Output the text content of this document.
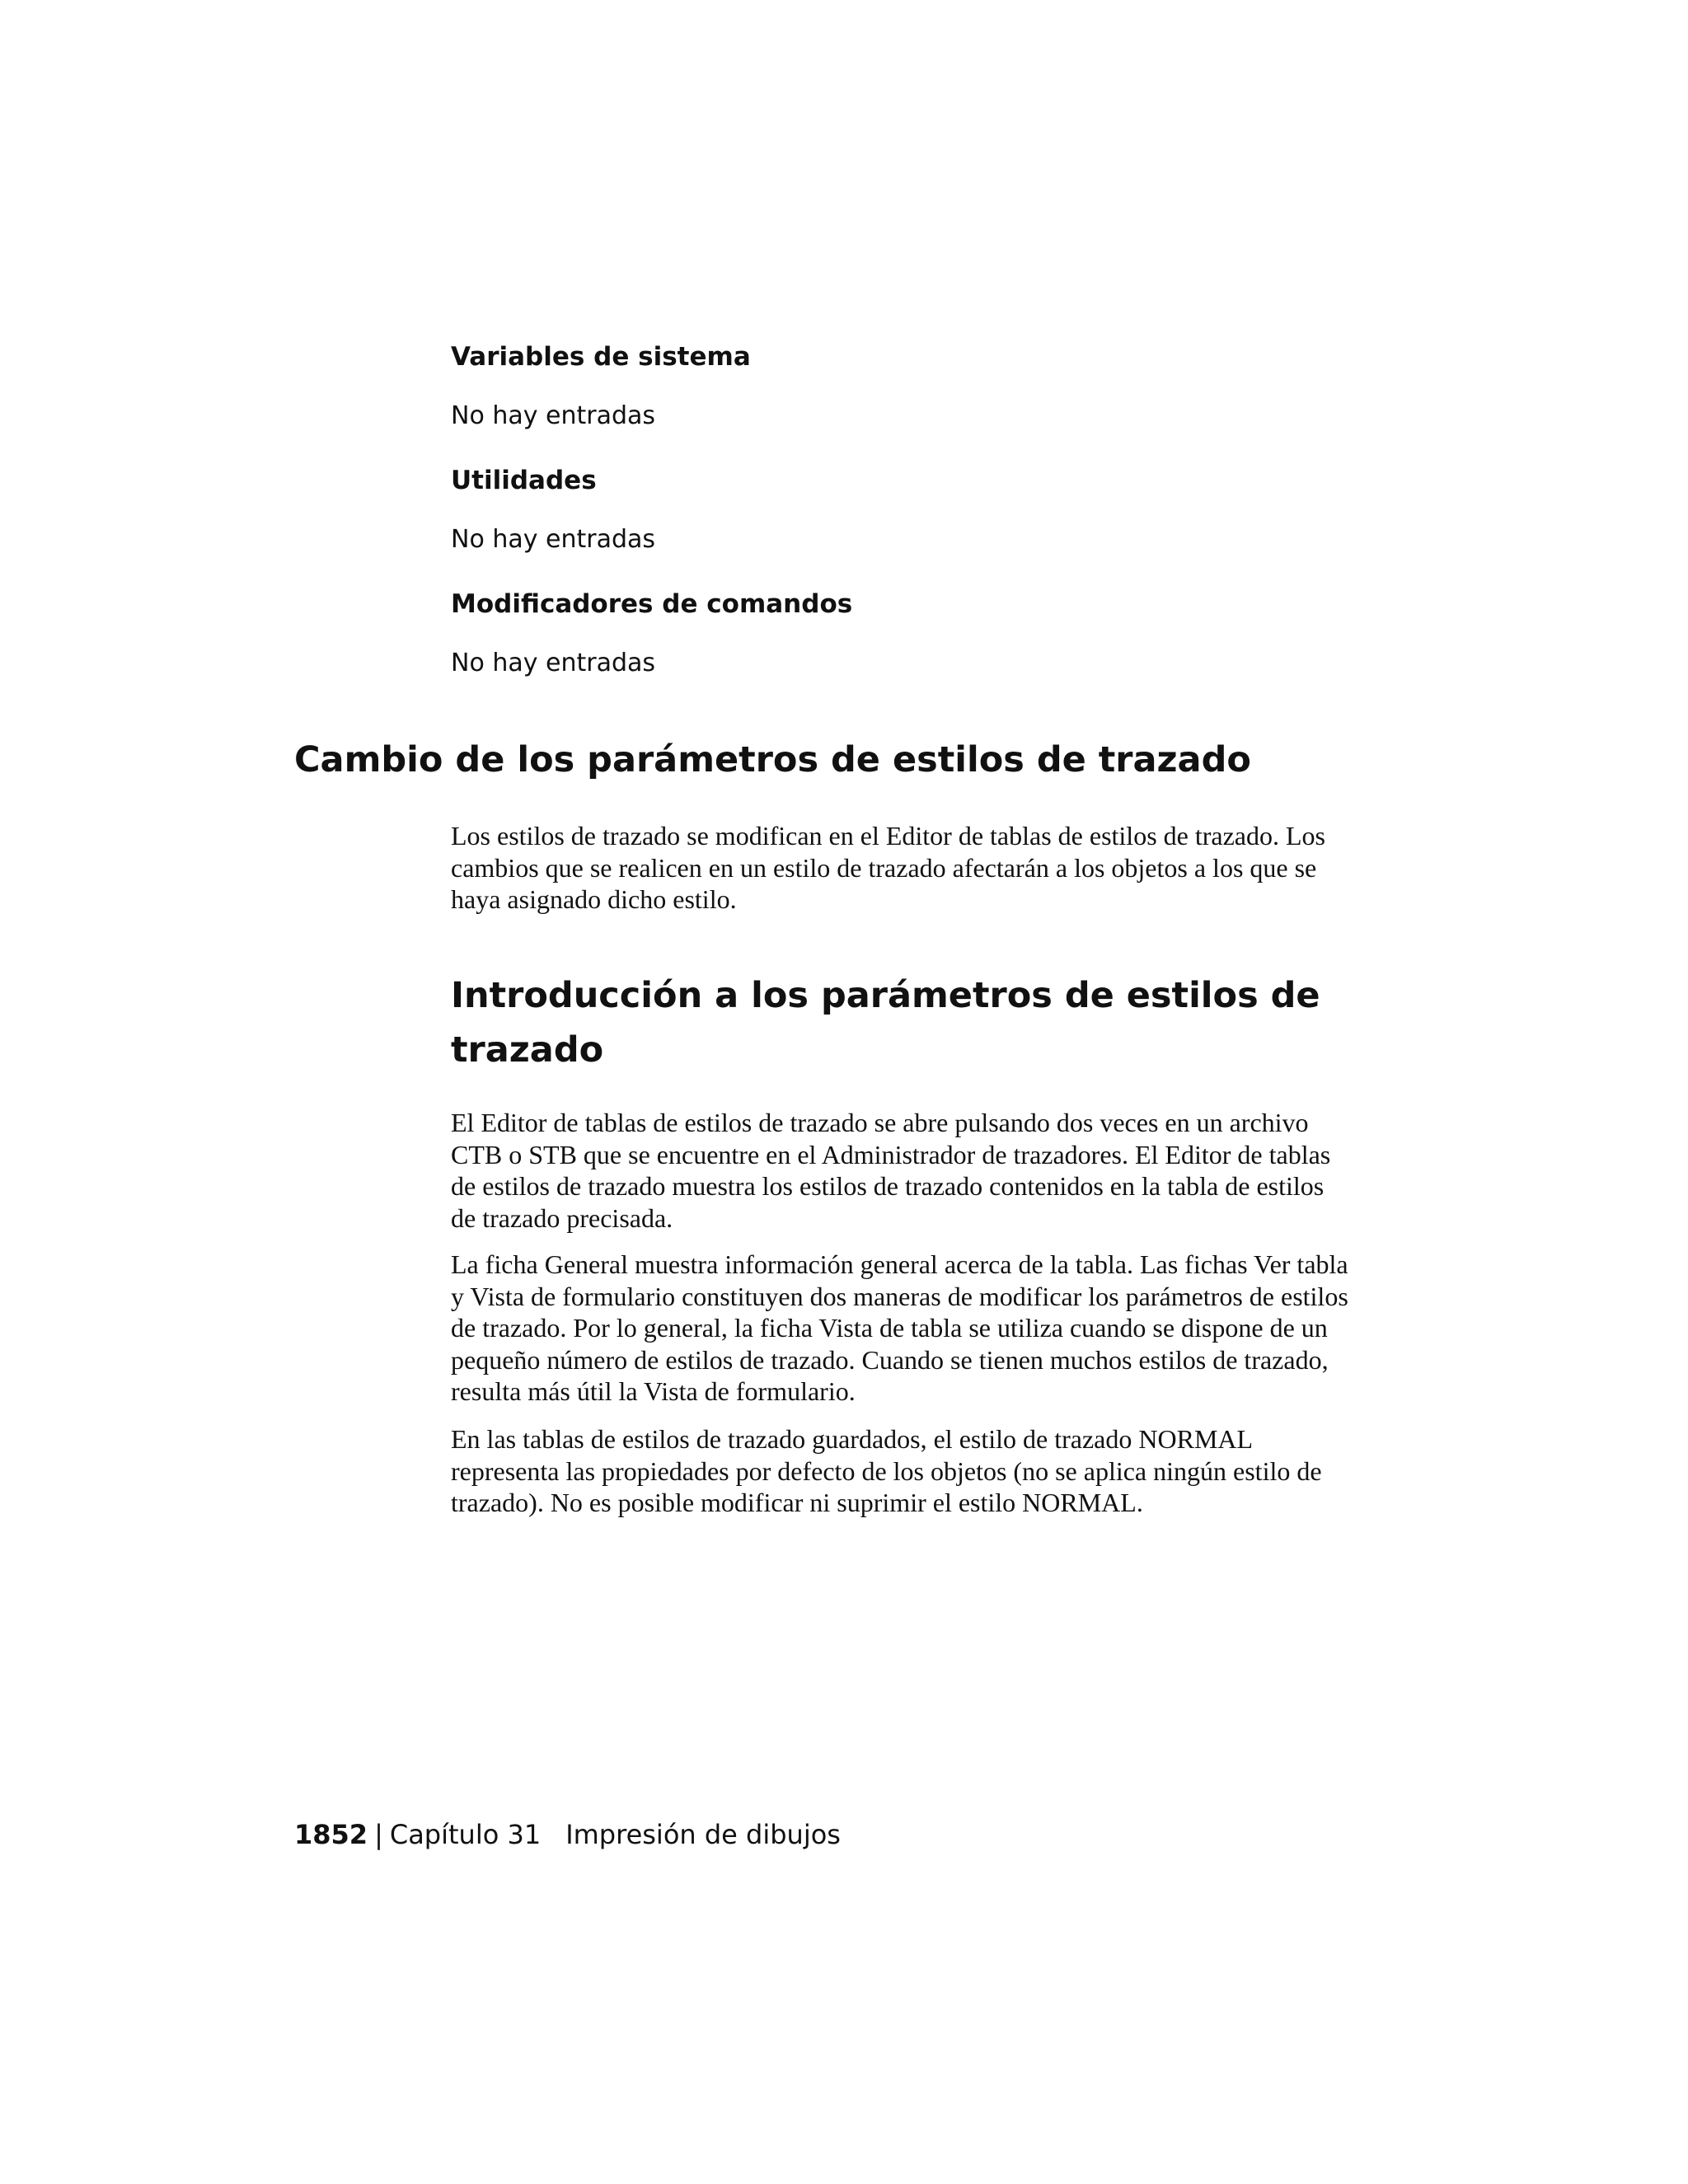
Variables de sistema

No hay entradas

Utilidades

No hay entradas

Modificadores de comandos

No hay entradas

Cambio de los parámetros de estilos de trazado

Los estilos de trazado se modifican en el Editor de tablas de estilos de trazado. Los cambios que se realicen en un estilo de trazado afectarán a los objetos a los que se haya asignado dicho estilo.

Introducción a los parámetros de estilos de trazado

El Editor de tablas de estilos de trazado se abre pulsando dos veces en un archivo CTB o STB que se encuentre en el Administrador de trazadores. El Editor de tablas de estilos de trazado muestra los estilos de trazado contenidos en la tabla de estilos de trazado precisada.

La ficha General muestra información general acerca de la tabla. Las fichas Ver tabla y Vista de formulario constituyen dos maneras de modificar los parámetros de estilos de trazado. Por lo general, la ficha Vista de tabla se utiliza cuando se dispone de un pequeño número de estilos de trazado. Cuando se tienen muchos estilos de trazado, resulta más útil la Vista de formulario.

En las tablas de estilos de trazado guardados, el estilo de trazado NORMAL representa las propiedades por defecto de los objetos (no se aplica ningún estilo de trazado). No es posible modificar ni suprimir el estilo NORMAL.

1852 | Capítulo 31 Impresión de dibujos
